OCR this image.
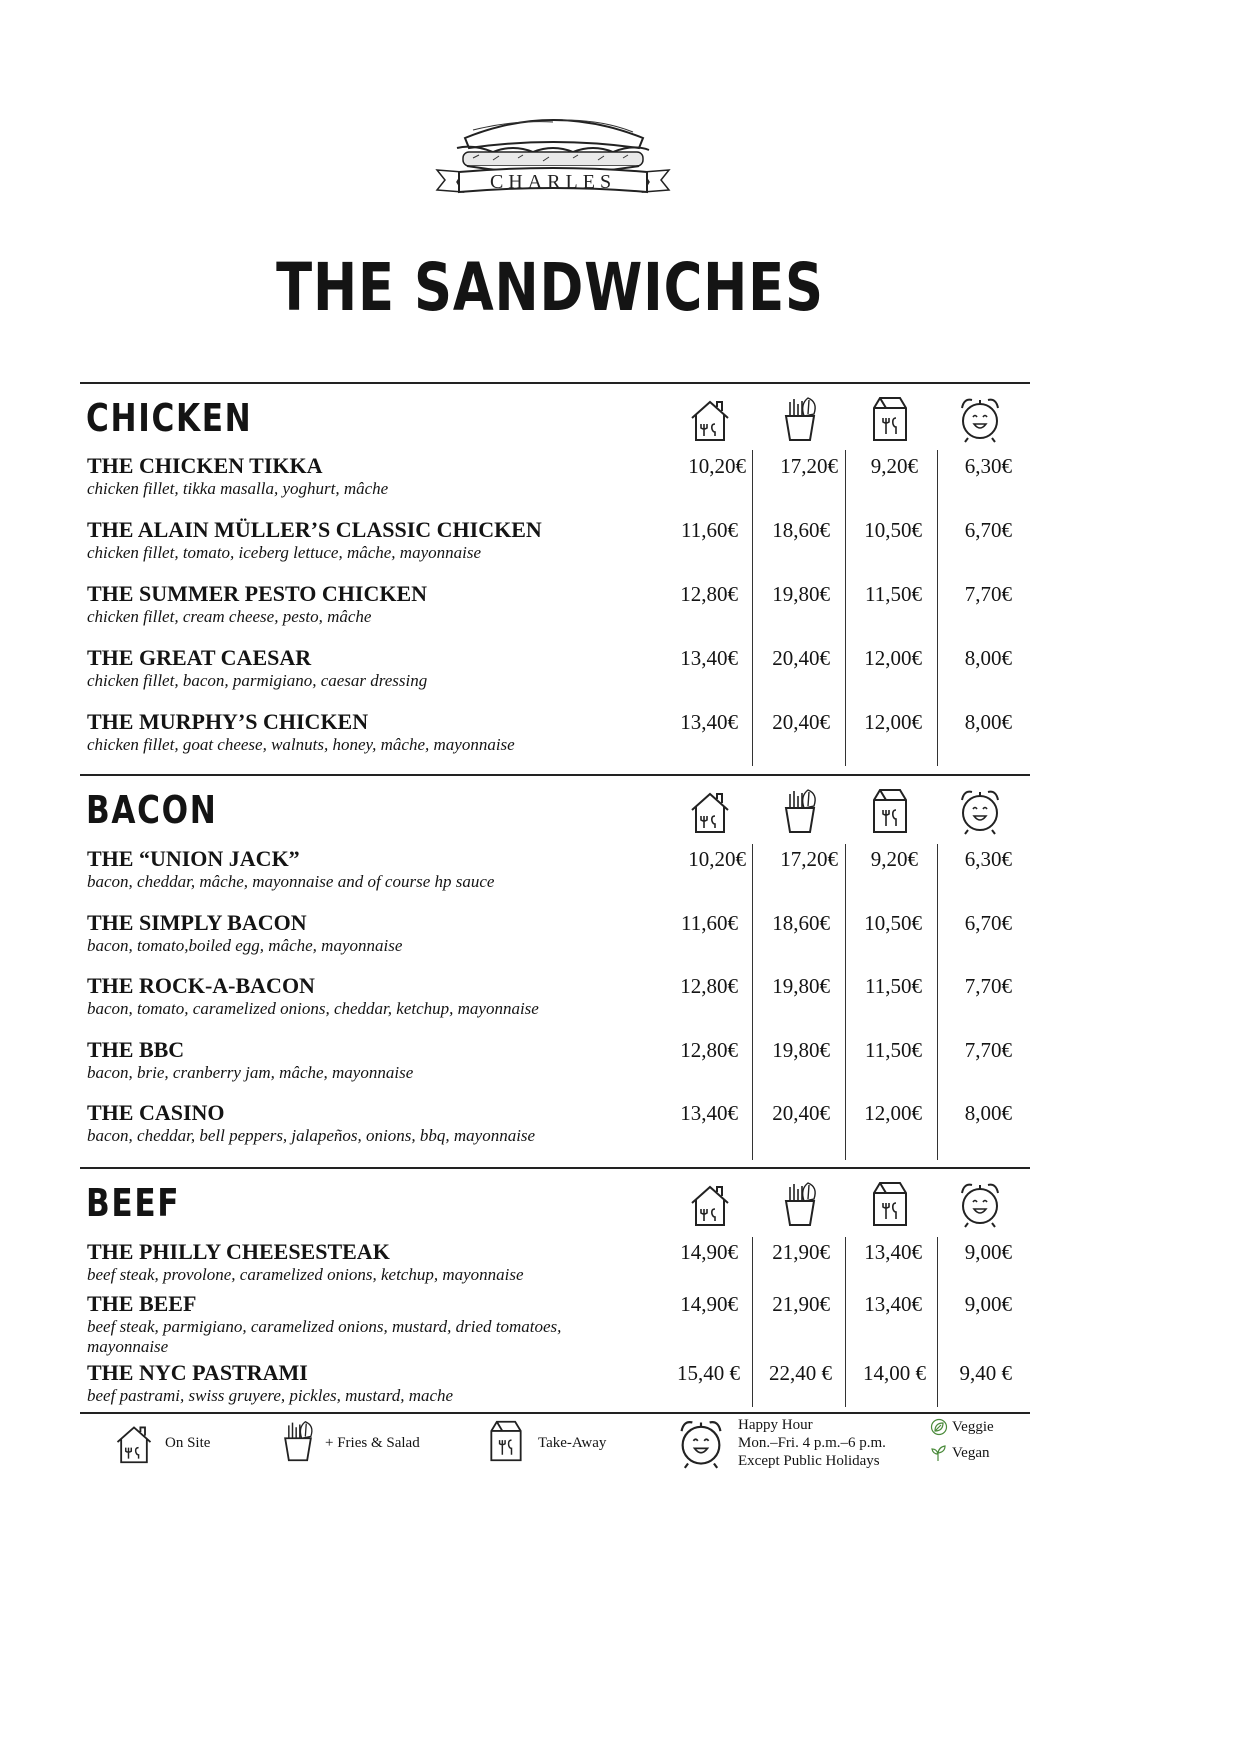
CHARLES
THE SANDWICHES
CHICKEN

THE CHICKEN TIKKA

chicken fillet, tikka masalla, yoghurt, mâche

10,20€	17,20€	9,20€	6,30€

THE ALAIN MÜLLER’S CLASSIC CHICKEN

chicken fillet, tomato, iceberg lettuce, mâche, mayonnaise

11,60€	18,60€	10,50€	6,70€

THE SUMMER PESTO CHICKEN

chicken fillet, cream cheese, pesto, mâche

12,80€	19,80€	11,50€	7,70€

THE GREAT CAESAR

chicken fillet, bacon, parmigiano, caesar dressing

13,40€	20,40€	12,00€	8,00€

THE MURPHY’S CHICKEN

chicken fillet, goat cheese, walnuts, honey, mâche, mayonnaise

13,40€	20,40€	12,00€	8,00€
BACON

THE “UNION JACK”

bacon, cheddar, mâche, mayonnaise and of course hp sauce

10,20€	17,20€	9,20€	6,30€

THE SIMPLY BACON

bacon, tomato,boiled egg, mâche, mayonnaise

11,60€	18,60€	10,50€	6,70€

THE ROCK-A-BACON

bacon, tomato, caramelized onions, cheddar, ketchup, mayonnaise

12,80€	19,80€	11,50€	7,70€

THE BBC

bacon, brie, cranberry jam, mâche, mayonnaise

12,80€	19,80€	11,50€	7,70€

THE CASINO

bacon, cheddar, bell peppers, jalapeños, onions, bbq, mayonnaise

13,40€	20,40€	12,00€	8,00€
BEEF

THE PHILLY CHEESESTEAK

beef steak, provolone, caramelized onions, ketchup, mayonnaise

14,90€	21,90€	13,40€	9,00€

THE BEEF

beef steak, parmigiano, caramelized onions, mustard, dried tomatoes, mayonnaise

14,90€	21,90€	13,40€	9,00€

THE NYC PASTRAMI

beef pastrami, swiss gruyere, pickles, mustard, mache

15,40 €	22,40 €	14,00 €	9,40 €
On Site	+ Fries & Salad	Take-Away
Happy Hour
Mon.–Fri. 4 p.m.–6 p.m.
Except Public Holidays
Veggie
Vegan
